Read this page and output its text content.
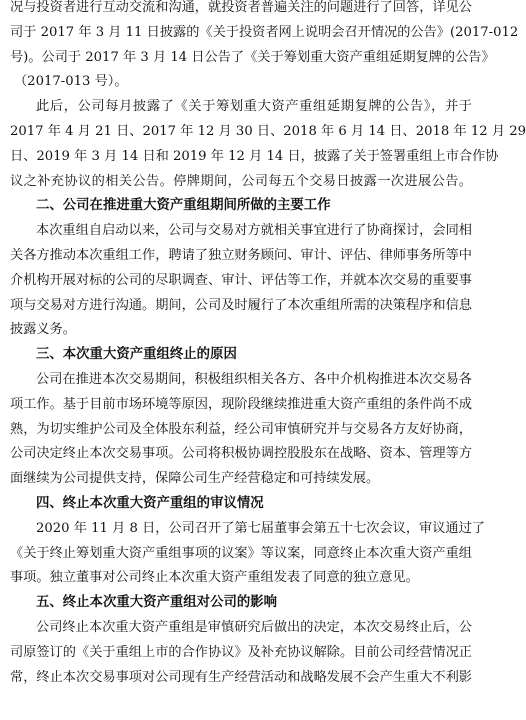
况与投资者进行互动交流和沟通，就投资者普遍关注的问题进行了回答，详见公
司于 2017 年 3 月 11 日披露的《关于投资者网上说明会召开情况的公告》(2017-012
号)。公司于 2017 年 3 月 14 日公告了《关于筹划重大资产重组延期复牌的公告》
（2017-013 号）。
此后，公司每月披露了《关于筹划重大资产重组延期复牌的公告》，并于
2017 年 4 月 21 日、2017 年 12 月 30 日、2018 年 6 月 14 日、2018 年 12 月 29
日、2019 年 3 月 14 日和 2019 年 12 月 14 日，披露了关于签署重组上市合作协
议之补充协议的相关公告。停牌期间，公司每五个交易日披露一次进展公告。
二、公司在推进重大资产重组期间所做的主要工作
本次重组自启动以来，公司与交易对方就相关事宜进行了协商探讨，会同相
关各方推动本次重组工作，聘请了独立财务顾问、审计、评估、律师事务所等中
介机构开展对标的公司的尽职调查、审计、评估等工作，并就本次交易的重要事
项与交易对方进行沟通。期间，公司及时履行了本次重组所需的决策程序和信息
披露义务。
三、本次重大资产重组终止的原因
公司在推进本次交易期间，积极组织相关各方、各中介机构推进本次交易各
项工作。基于目前市场环境等原因，现阶段继续推进重大资产重组的条件尚不成
熟，为切实维护公司及全体股东利益，经公司审慎研究并与交易各方友好协商，
公司决定终止本次交易事项。公司将积极协调控股股东在战略、资本、管理等方
面继续为公司提供支持，保障公司生产经营稳定和可持续发展。
四、终止本次重大资产重组的审议情况
2020 年 11 月 8 日，公司召开了第七届董事会第五十七次会议，审议通过了
《关于终止筹划重大资产重组事项的议案》等议案，同意终止本次重大资产重组
事项。独立董事对公司终止本次重大资产重组发表了同意的独立意见。
五、终止本次重大资产重组对公司的影响
公司终止本次重大资产重组是审慎研究后做出的决定，本次交易终止后，公
司原签订的《关于重组上市的合作协议》及补充协议解除。目前公司经营情况正
常，终止本次交易事项对公司现有生产经营活动和战略发展不会产生重大不利影
